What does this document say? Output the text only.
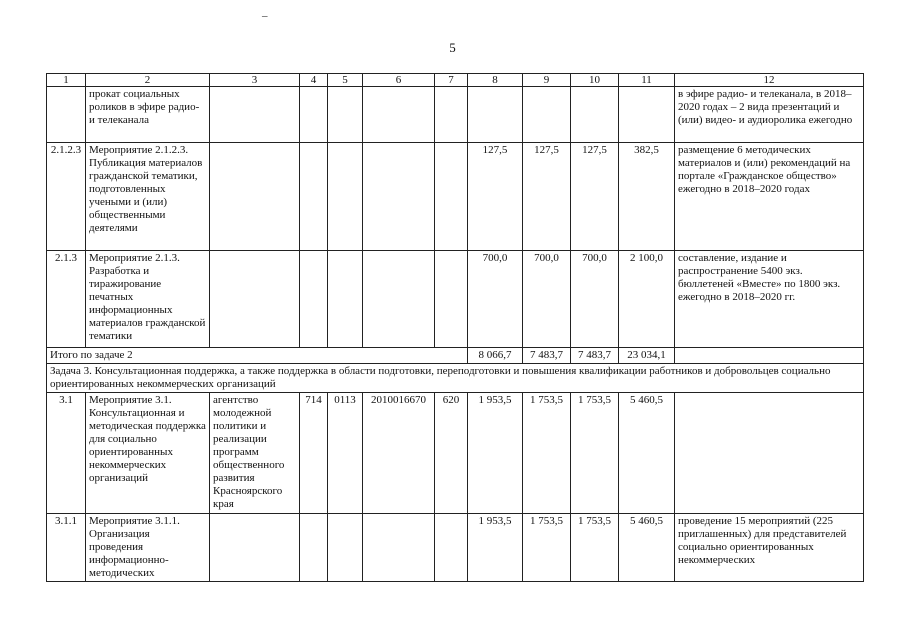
–
5
1	2	3	4	5	6	7	8	9	10	11	12
	прокат социальных роликов в эфире радио- и телеканала										в эфире радио- и телеканала, в 2018–2020 годах – 2 вида презентаций и (или) видео- и аудиоролика ежегодно
2.1.2.3	Мероприятие 2.1.2.3. Публикация материалов гражданской тематики, подготовленных учеными и (или) общественными деятелями						127,5	127,5	127,5	382,5	размещение 6 методических материалов и (или) рекомендаций на портале «Гражданское общество» ежегодно в 2018–2020 годах
2.1.3	Мероприятие 2.1.3. Разработка и тиражирование печатных информационных материалов гражданской тематики						700,0	700,0	700,0	2 100,0	составление, издание и распространение 5400 экз. бюллетеней «Вместе» по 1800 экз. ежегодно в 2018–2020 гг.
Итого по задаче 2							8 066,7	7 483,7	7 483,7	23 034,1	
Задача 3. Консультационная поддержка, а также поддержка в области подготовки, переподготовки и повышения квалификации работников и добровольцев социально ориентированных некоммерческих организаций											
3.1	Мероприятие 3.1. Консультационная и методическая поддержка для социально ориентированных некоммерческих организаций	агентство молодежной политики и реализации программ общественного развития Красноярского края	714	0113	2010016670	620	1 953,5	1 753,5	1 753,5	5 460,5	
3.1.1	Мероприятие 3.1.1. Организация проведения информационно-методических						1 953,5	1 753,5	1 753,5	5 460,5	проведение 15 мероприятий (225 приглашенных) для представителей социально ориентированных некоммерческих
